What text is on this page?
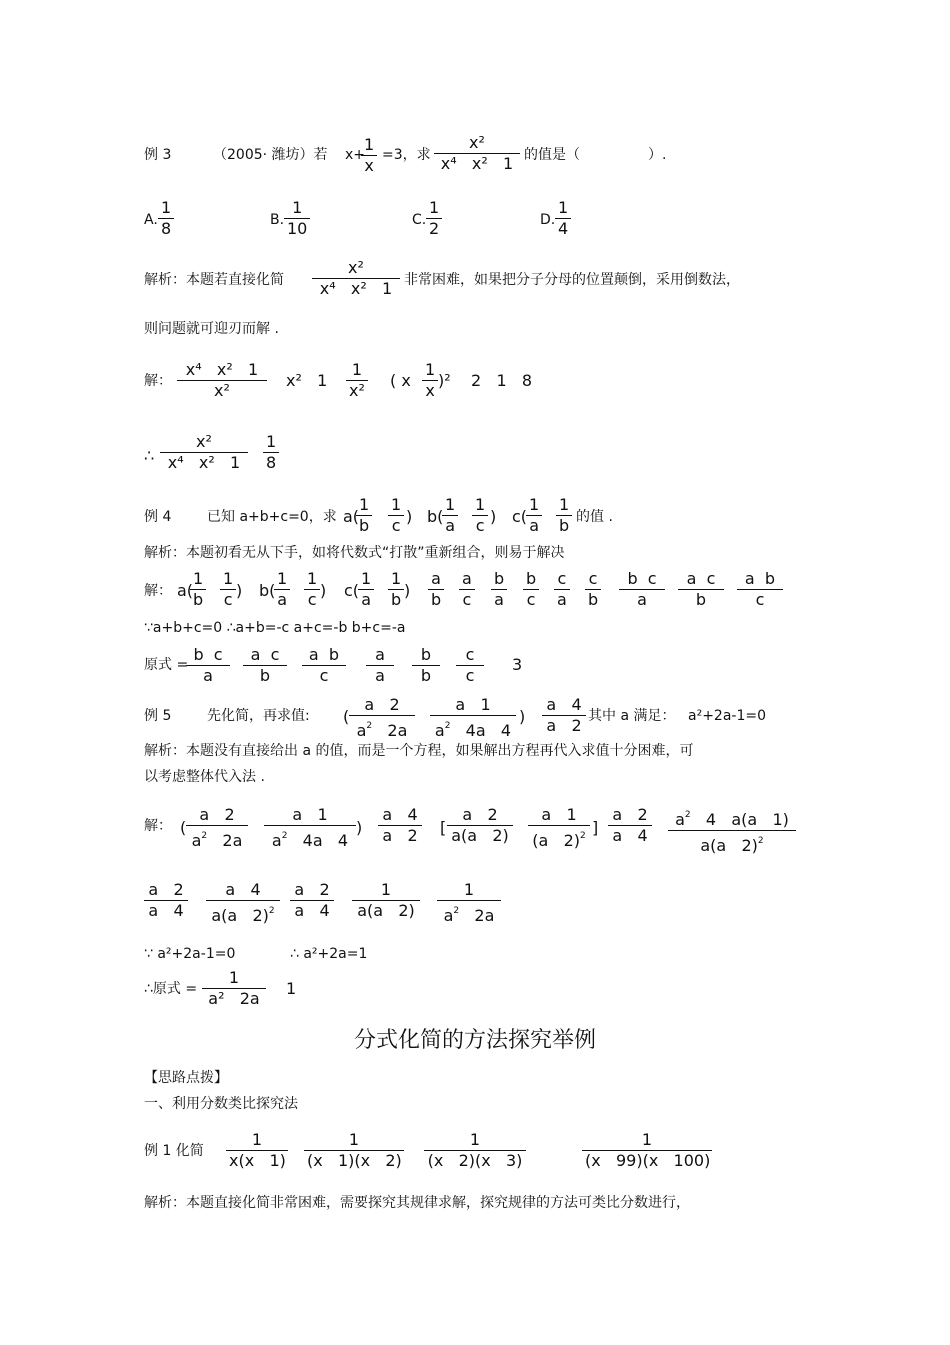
例 3	（2005· 潍坊）若 x+
1
x
=3，求
x²
x⁴   x²   1 的值是（	）.
A.
1
8	B.
1
10	C.
1
2	D.
1
4
解析：本题若直接化简
x²
x⁴   x²   1 非常困难，如果把分子分母的位置颠倒，采用倒数法，
则问题就可迎刃而解 .
解：
x⁴   x²   1
x²
x²   1
1
x²
( x
1
x
)²    2   1   8
∴
x²
x⁴   x²   1
1
8
例 4	已知 a+b+c=0，求 a(
1
b
1
c ) b(
1
a
1
c ) c(
1
a
1
b 的值 .
解析：本题初看无从下手，如将代数式“打散”重新组合，则易于解决
解： a(
1
b
1
c ) b(
1
a
1
c ) c(
1
a
1
b )
a
b
a
c
b
a
b
c
c
a
c
b
b  c
a
a  c
b
a  b
c
∵a+b+c=0 ∴a+b=-c a+c=-b b+c=-a
原式 =
b  c
a
a  c
b
a  b
c
a
a
b
b
c
c
3
例 5	先化简，再求值: (
a   2
$a^2$   2a
a   1
$a^2$   4a   4
)
a   4
a   2 其中 a 满足： a²+2a-1=0
解析：本题没有直接给出 a 的值，而是一个方程，如果解出方程再代入求值十分困难，可
以考虑整体代入法 .
解： (
a   2
$a^2$   2a
a   1
$a^2$   4a   4
)
a   4
a   2 [
a   2
a(a   2)
a   1
(a   2)$^2$ ]
a   2
a   4
$a^2$   4   a(a   1)
a(a   2)$^2$
a   2
a   4
a   4
a(a   2)$^2$
a   2
a   4
1
a(a   2)
1
$a^2$   2a
∵ a²+2a-1=0	∴ a²+2a=1
∴原式 =
1
a²   2a
1
分式化简的方法探究举例
【思路点拨】
一、利用分数类比探究法
例 1 化简
1
x(x   1)
1
(x   1)(x   2)
1
(x   2)(x   3)
1
(x   99)(x   100)
解析：本题直接化简非常困难，需要探究其规律求解，探究规律的方法可类比分数进行，
